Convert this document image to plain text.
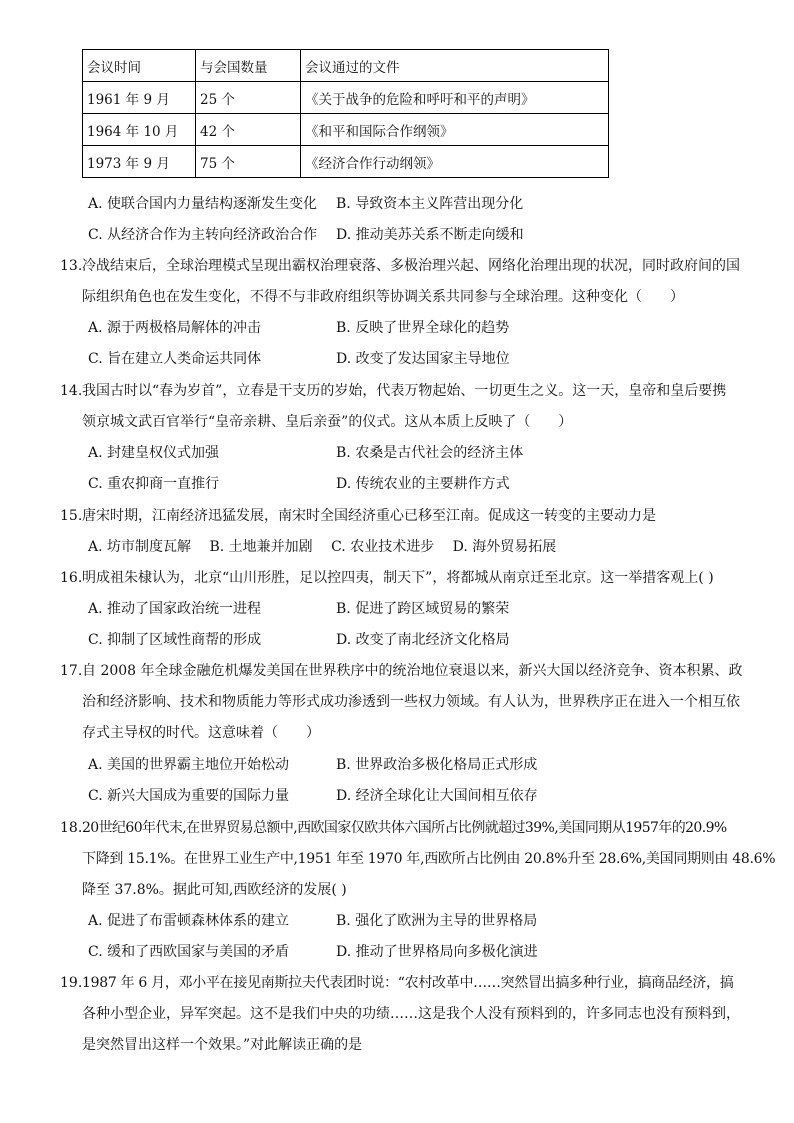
会议时间	与会国数量	会议通过的文件
1961 年 9 月	25 个	《关于战争的危险和呼吁和平的声明》
1964 年 10 月	42 个	《和平和国际合作纲领》
1973 年 9 月	75 个	《经济合作行动纲领》
A. 使联合国内力量结构逐渐发生变化 B. 导致资本主义阵营出现分化
C. 从经济合作为主转向经济政治合作 D. 推动美苏关系不断走向缓和
13. 冷战结束后，全球治理模式呈现出霸权治理衰落、多极治理兴起、网络化治理出现的状况，同时政府间的国
际组织角色也在发生变化，不得不与非政府组织等协调关系共同参与全球治理。这种变化（　　）
A. 源于两极格局解体的冲击	B. 反映了世界全球化的趋势
C. 旨在建立人类命运共同体	D. 改变了发达国家主导地位
14. 我国古时以“春为岁首”，立春是干支历的岁始，代表万物起始、一切更生之义。这一天，皇帝和皇后要携
领京城文武百官举行“皇帝亲耕、皇后亲蚕”的仪式。这从本质上反映了（　　）
A. 封建皇权仪式加强	B. 农桑是古代社会的经济主体
C. 重农抑商一直推行	D. 传统农业的主要耕作方式
15. 唐宋时期，江南经济迅猛发展，南宋时全国经济重心已移至江南。促成这一转变的主要动力是
A. 坊市制度瓦解　 B. 土地兼并加剧　 C. 农业技术进步　 D. 海外贸易拓展
16. 明成祖朱棣认为，北京“山川形胜，足以控四夷，制天下”，将都城从南京迁至北京。这一举措客观上( )
A. 推动了国家政治统一进程	B. 促进了跨区域贸易的繁荣
C. 抑制了区域性商帮的形成	D. 改变了南北经济文化格局
17. 自 2008 年全球金融危机爆发美国在世界秩序中的统治地位衰退以来，新兴大国以经济竞争、资本积累、政
治和经济影响、技术和物质能力等形式成功渗透到一些权力领域。有人认为，世界秩序正在进入一个相互依
存式主导权的时代。这意味着（　　）
A. 美国的世界霸主地位开始松动	B. 世界政治多极化格局正式形成
C. 新兴大国成为重要的国际力量	D. 经济全球化让大国间相互依存
18. 20世纪60年代末,在世界贸易总额中,西欧国家仅欧共体六国所占比例就超过39%,美国同期从1957年的20.9%
下降到 15.1%。在世界工业生产中,1951 年至 1970 年,西欧所占比例由 20.8%升至 28.6%,美国同期则由 48.6%
降至 37.8%。据此可知,西欧经济的发展( )
A. 促进了布雷顿森林体系的建立	B. 强化了欧洲为主导的世界格局
C. 缓和了西欧国家与美国的矛盾	D. 推动了世界格局向多极化演进
19. 1987 年 6 月，邓小平在接见南斯拉夫代表团时说：“农村改革中……突然冒出搞多种行业，搞商品经济，搞
各种小型企业，异军突起。这不是我们中央的功绩……这是我个人没有预料到的，许多同志也没有预料到，
是突然冒出这样一个效果。”对此解读正确的是
